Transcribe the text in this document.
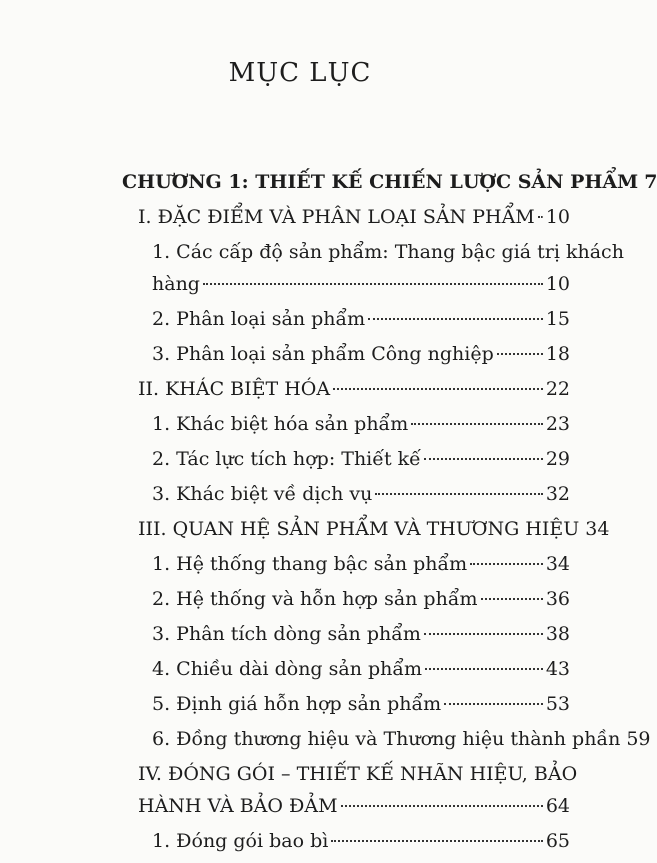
MỤC LỤC
CHƯƠNG 1: THIẾT KẾ CHIẾN LƯỢC SẢN PHẨM 7
I. ĐẶC ĐIỂM VÀ PHÂN LOẠI SẢN PHẨM 10
1. Các cấp độ sản phẩm: Thang bậc giá trị khách
hàng	10
2. Phân loại sản phẩm	15
3. Phân loại sản phẩm Công nghiệp	18
II. KHÁC BIỆT HÓA	22
1. Khác biệt hóa sản phẩm	23
2. Tác lực tích hợp: Thiết kế	29
3. Khác biệt về dịch vụ	32
III. QUAN HỆ SẢN PHẨM VÀ THƯƠNG HIỆU 34
1. Hệ thống thang bậc sản phẩm	34
2. Hệ thống và hỗn hợp sản phẩm	36
3. Phân tích dòng sản phẩm	38
4. Chiều dài dòng sản phẩm	43
5. Định giá hỗn hợp sản phẩm	53
6. Đồng thương hiệu và Thương hiệu thành phần 59
IV. ĐÓNG GÓI – THIẾT KẾ NHÃN HIỆU, BẢO
HÀNH VÀ BẢO ĐẢM	64
1. Đóng gói bao bì	65
